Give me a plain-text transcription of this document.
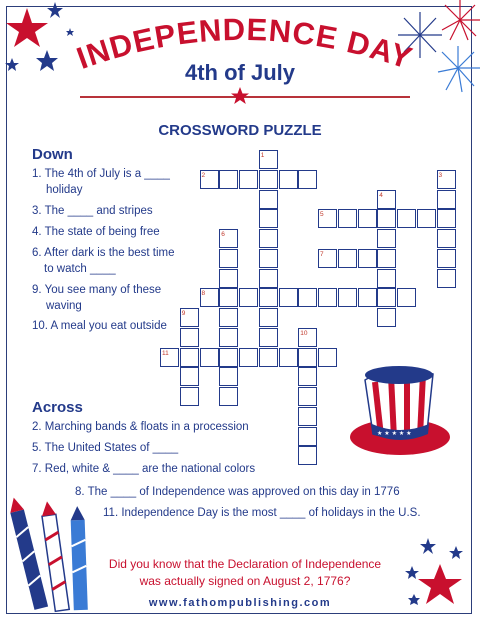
INDEPENDENCE DAY
4th of July
CROSSWORD PUZZLE
Down
1. The 4th of July is a ____
holiday
3. The ____ and stripes
4. The state of being free
6. After dark is the best time
to watch ____
9. You see many of these
waving
10. A meal you eat outside
1
2	3
4
5
6
7
8
9
10
11
Across
2. Marching bands & floats in a procession
5. The United States of ____
7. Red, white & ____ are the national colors
8. The ____ of Independence was approved on this day in 1776
11. Independence Day is the most ____ of holidays in the U.S.
★ ★ ★ ★ ★
Did you know that the Declaration of Independence
was actually signed on August 2, 1776?
www.fathompublishing.com
